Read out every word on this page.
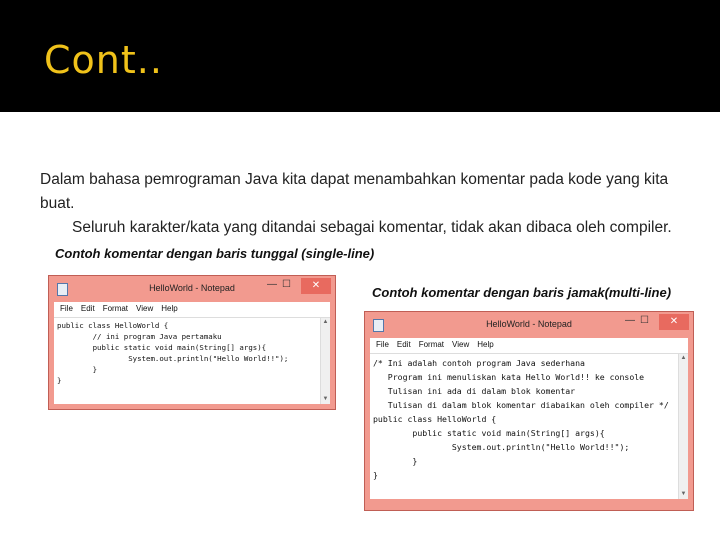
Cont..
Dalam bahasa pemrograman Java kita dapat menambahkan komentar pada kode yang kita buat.
Seluruh karakter/kata yang ditandai sebagai komentar, tidak akan dibaca oleh compiler.
Contoh komentar dengan baris tunggal (single-line)
HelloWorld - Notepad	— ☐	✕
File	Edit	Format	View	Help
public class HelloWorld {
// ini program Java pertamaku
public static void main(String[] args){
System.out.println("Hello World!!");
}
}
▲
▼
Contoh komentar dengan baris jamak(multi-line)
HelloWorld - Notepad	— ☐	✕
File	Edit	Format	View	Help
/* Ini adalah contoh program Java sederhana
Program ini menuliskan kata Hello World!! ke console
Tulisan ini ada di dalam blok komentar
Tulisan di dalam blok komentar diabaikan oleh compiler */
public class HelloWorld {
public static void main(String[] args){
System.out.println("Hello World!!");
}
}
▲
▼
